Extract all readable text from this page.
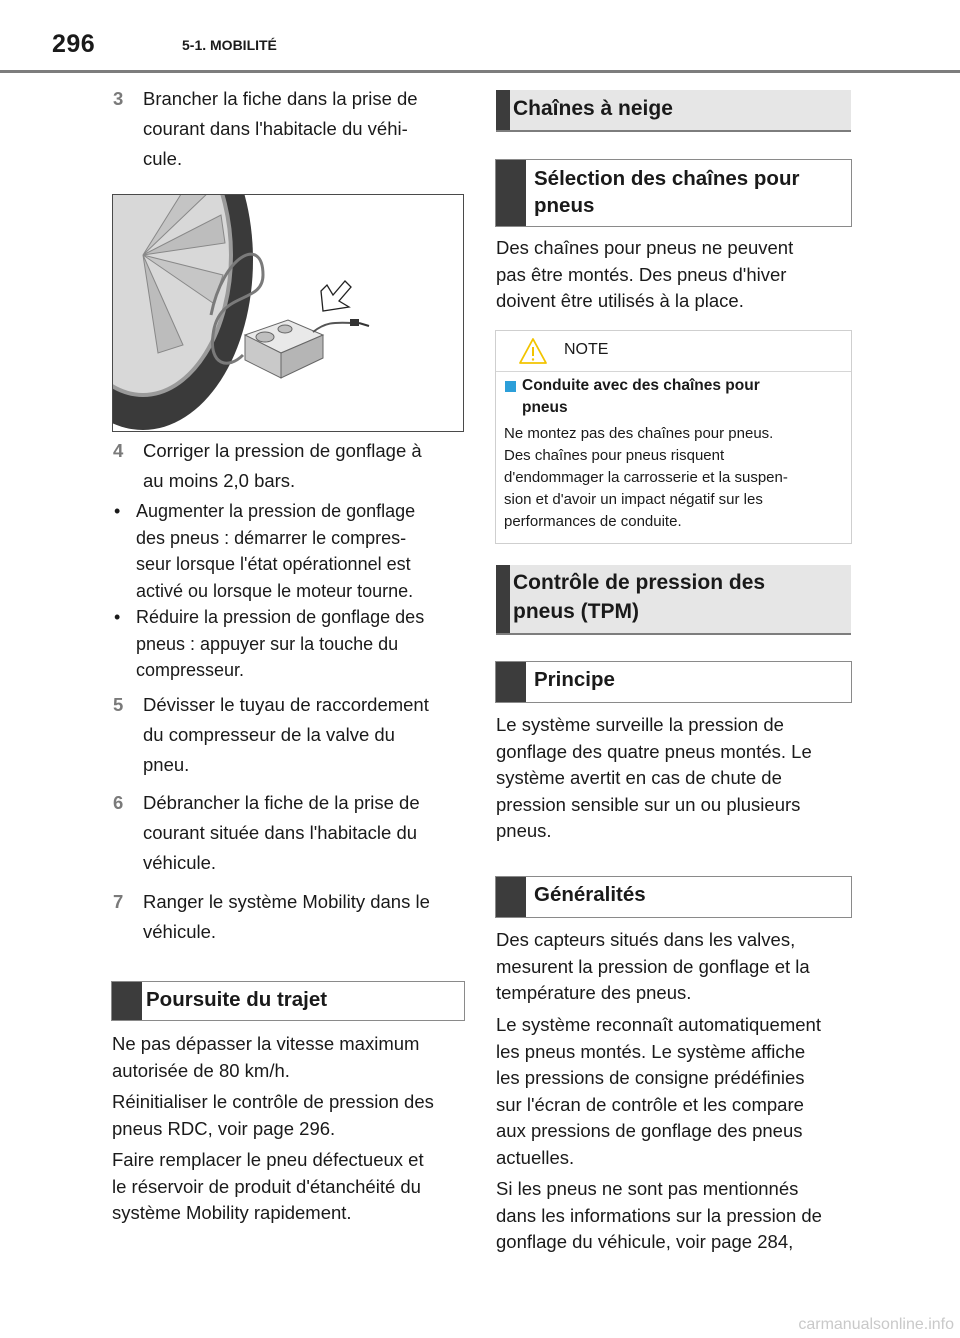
296	5-1. MOBILITÉ
3 Brancher la fiche dans la prise de
courant dans l'habitacle du véhi-
cule.
4 Corriger la pression de gonflage à
au moins 2,0 bars.
• Augmenter la pression de gonflage
des pneus : démarrer le compres-
seur lorsque l'état opérationnel est
activé ou lorsque le moteur tourne.
• Réduire la pression de gonflage des
pneus : appuyer sur la touche du
compresseur.
5 Dévisser le tuyau de raccordement
du compresseur de la valve du
pneu.
6 Débrancher la fiche de la prise de
courant située dans l'habitacle du
véhicule.
7 Ranger le système Mobility dans le
véhicule.
Poursuite du trajet
Ne pas dépasser la vitesse maximum
autorisée de 80 km/h.
Réinitialiser le contrôle de pression des
pneus RDC, voir page 296.
Faire remplacer le pneu défectueux et
le réservoir de produit d'étanchéité du
système Mobility rapidement.
Chaînes à neige
Sélection des chaînes pour
pneus
Des chaînes pour pneus ne peuvent
pas être montés. Des pneus d'hiver
doivent être utilisés à la place.
NOTE
Conduite avec des chaînes pour
pneus
Ne montez pas des chaînes pour pneus.
Des chaînes pour pneus risquent
d'endommager la carrosserie et la suspen-
sion et d'avoir un impact négatif sur les
performances de conduite.
Contrôle de pression des
pneus (TPM)
Principe
Le système surveille la pression de
gonflage des quatre pneus montés. Le
système avertit en cas de chute de
pression sensible sur un ou plusieurs
pneus.
Généralités
Des capteurs situés dans les valves,
mesurent la pression de gonflage et la
température des pneus.
Le système reconnaît automatiquement
les pneus montés. Le système affiche
les pressions de consigne prédéfinies
sur l'écran de contrôle et les compare
aux pressions de gonflage des pneus
actuelles.
Si les pneus ne sont pas mentionnés
dans les informations sur la pression de
gonflage du véhicule, voir page 284,
carmanualsonline.info
